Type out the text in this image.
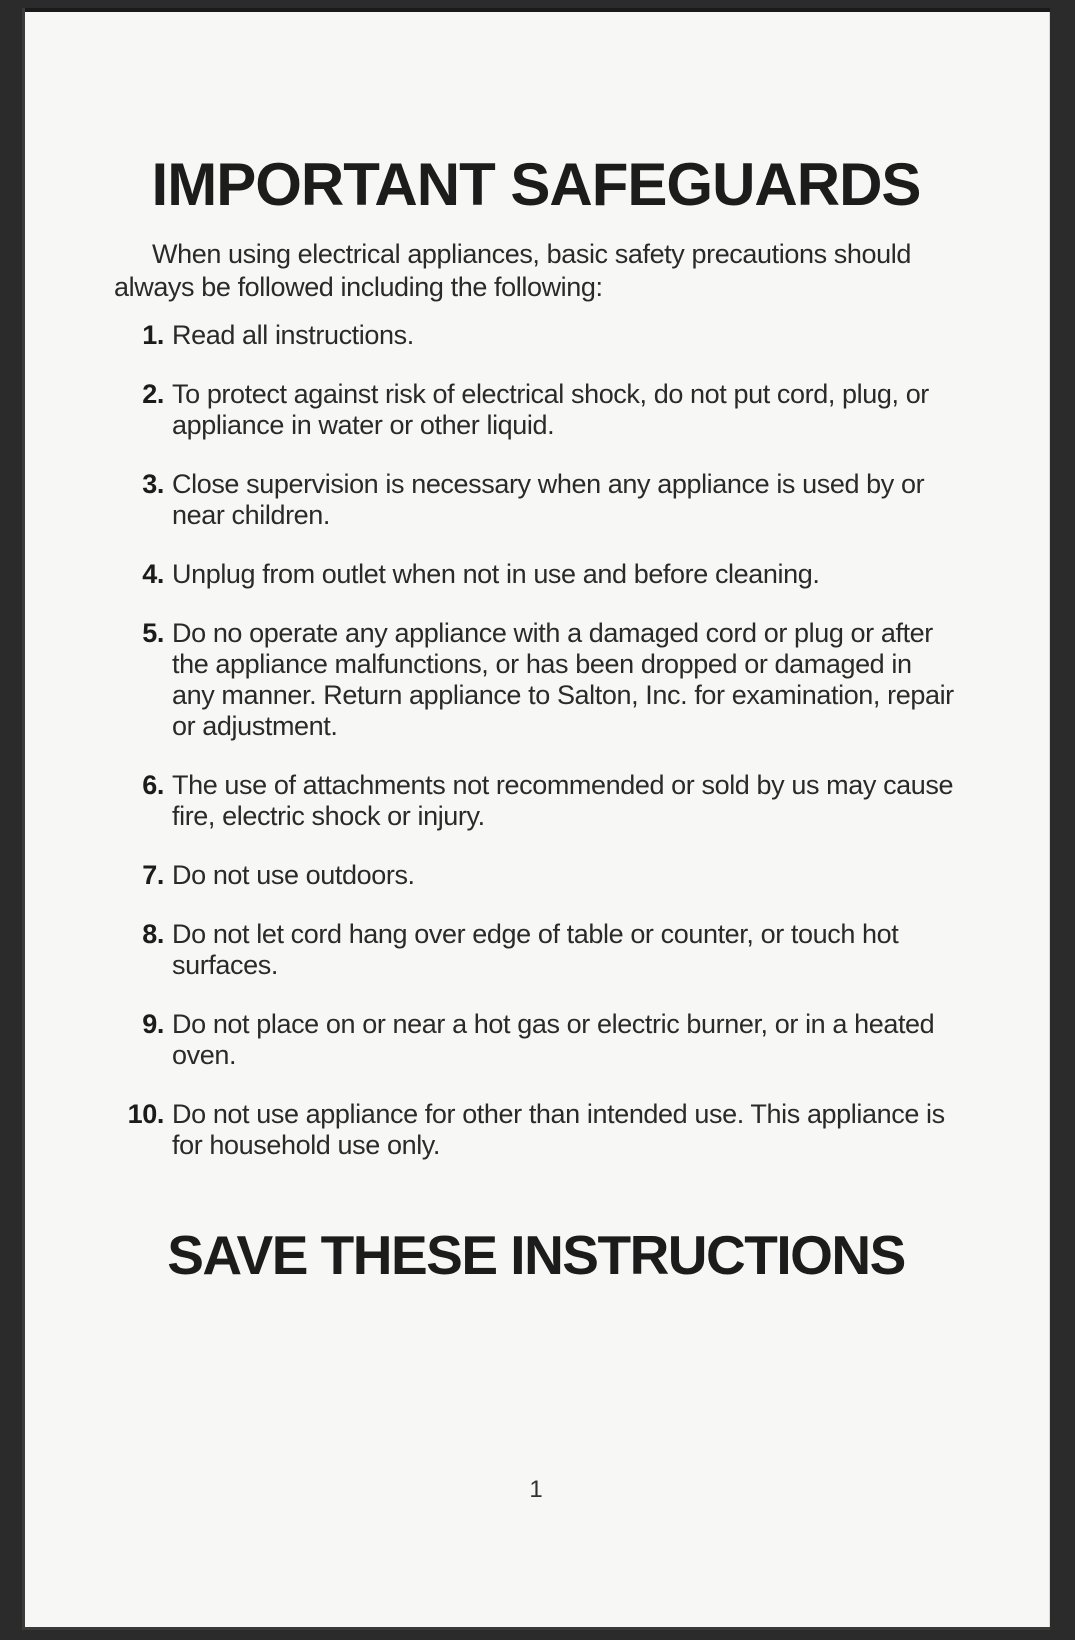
IMPORTANT SAFEGUARDS

When using electrical appliances, basic safety precautions should always be followed including the following:

1. Read all instructions.
2. To protect against risk of electrical shock, do not put cord, plug, or appliance in water or other liquid.
3. Close supervision is necessary when any appliance is used by or near children.
4. Unplug from outlet when not in use and before cleaning.
5. Do no operate any appliance with a damaged cord or plug or after the appliance malfunctions, or has been dropped or damaged in any manner. Return appliance to Salton, Inc. for examination, repair or adjustment.
6. The use of attachments not recommended or sold by us may cause fire, electric shock or injury.
7. Do not use outdoors.
8. Do not let cord hang over edge of table or counter, or touch hot surfaces.
9. Do not place on or near a hot gas or electric burner, or in a heated oven.
10. Do not use appliance for other than intended use. This appliance is for household use only.
SAVE THESE INSTRUCTIONS
1
